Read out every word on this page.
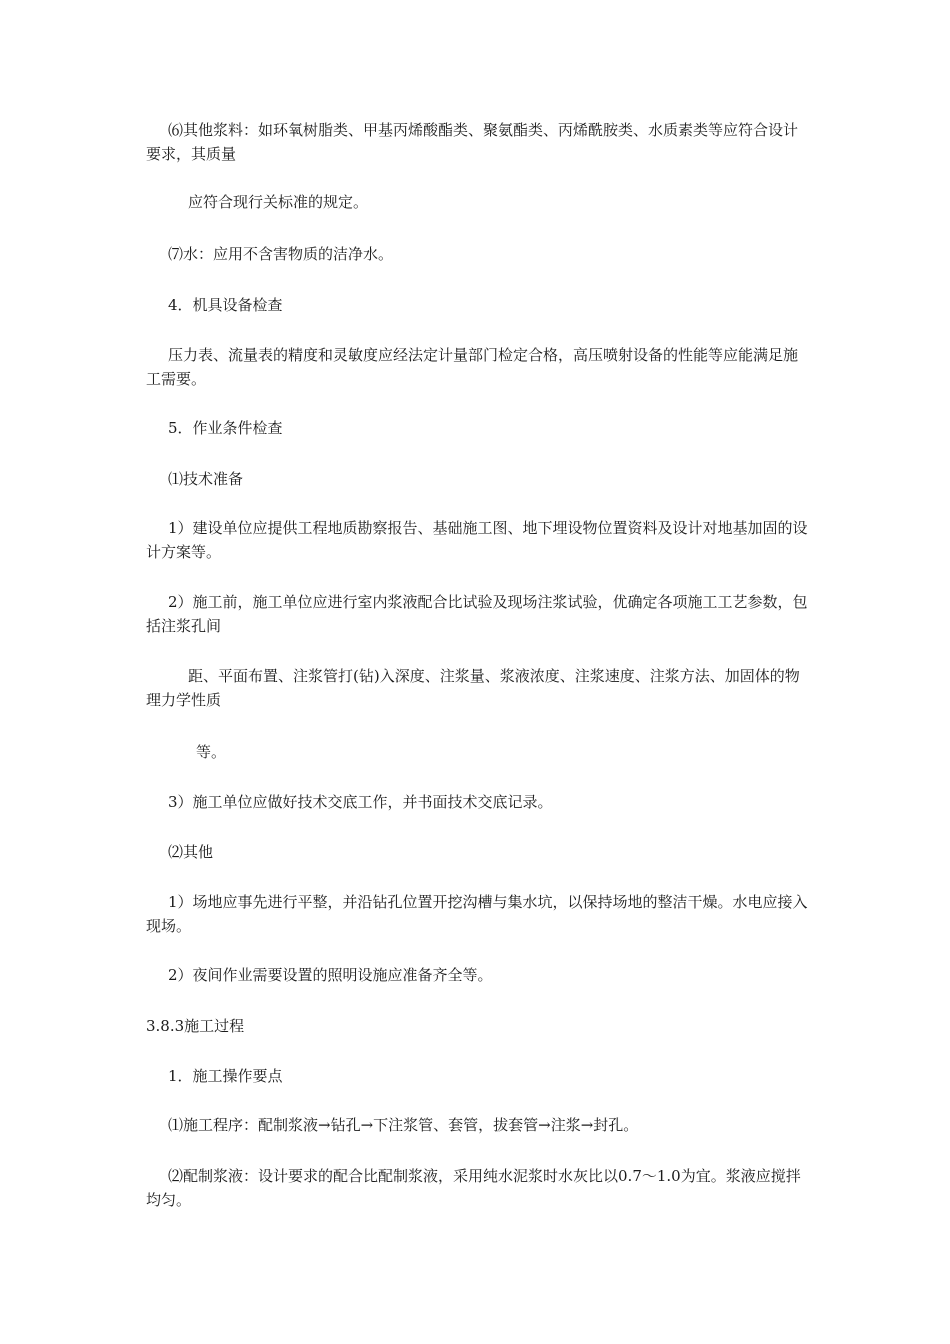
⑹其他浆料：如环氧树脂类、甲基丙烯酸酯类、聚氨酯类、丙烯酰胺类、水质素类等应符合设计要求，其质量

应符合现行关标准的规定。

⑺水：应用不含害物质的洁净水。

4．机具设备检查

压力表、流量表的精度和灵敏度应经法定计量部门检定合格，高压喷射设备的性能等应能满足施工需要。

5．作业条件检查

⑴技术准备

1）建设单位应提供工程地质勘察报告、基础施工图、地下埋设物位置资料及设计对地基加固的设计方案等。

2）施工前，施工单位应进行室内浆液配合比试验及现场注浆试验，优确定各项施工工艺参数，包括注浆孔间

距、平面布置、注浆管打(钻)入深度、注浆量、浆液浓度、注浆速度、注浆方法、加固体的物理力学性质

等。

3）施工单位应做好技术交底工作，并书面技术交底记录。

⑵其他

1）场地应事先进行平整，并沿钻孔位置开挖沟槽与集水坑，以保持场地的整洁干燥。水电应接入现场。

2）夜间作业需要设置的照明设施应准备齐全等。

3.8.3施工过程

1．施工操作要点

⑴施工程序：配制浆液→钻孔→下注浆管、套管，拔套管→注浆→封孔。

⑵配制浆液：设计要求的配合比配制浆液，采用纯水泥浆时水灰比以0.7～1.0为宜。浆液应搅拌均匀。
